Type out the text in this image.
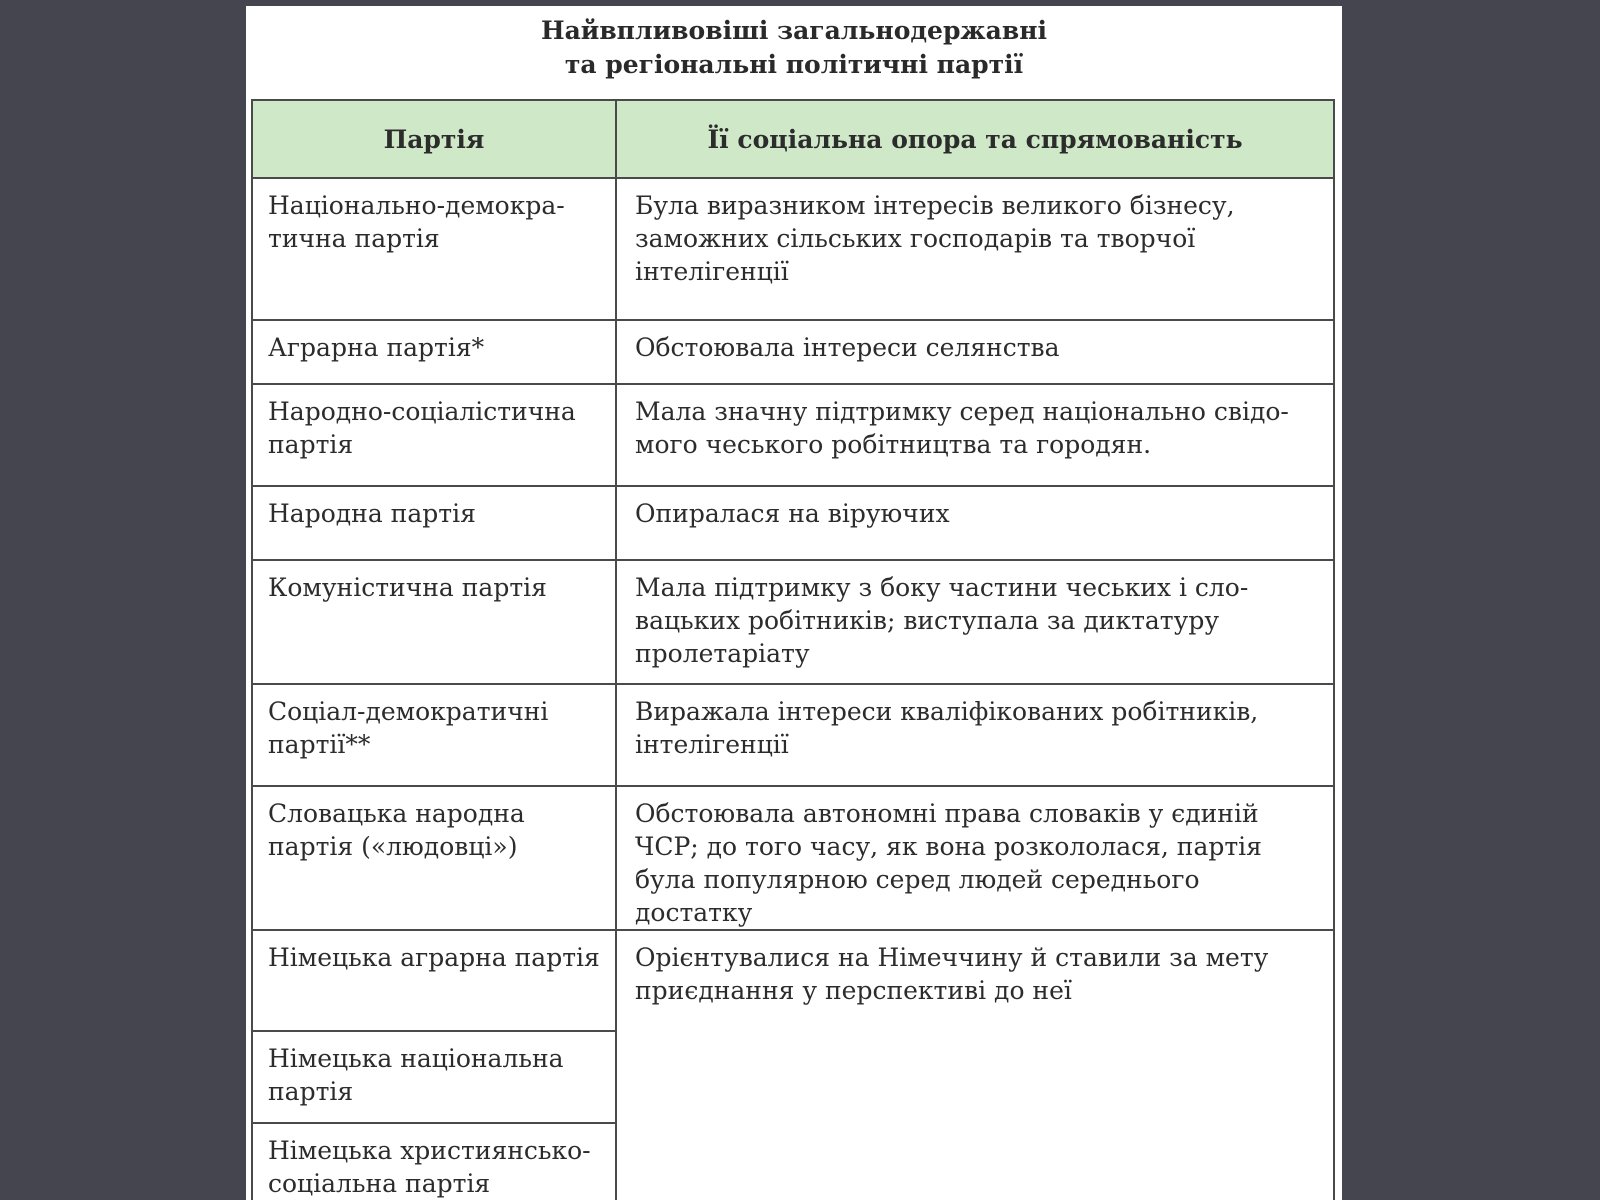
Найвпливовіші загальнодержавні
та регіональні політичні партії
Партія	Її соціальна опора та спрямованість
Національно-демокра-тична партія	Була виразником інтересів великого бізнесу, заможних сільських господарів та творчої інтелігенції
Аграрна партія*	Обстоювала інтереси селянства
Народно-соціалістична партія	Мала значну підтримку серед національно свідо-мого чеського робітництва та городян.
Народна партія	Опиралася на віруючих
Комуністична партія	Мала підтримку з боку частини чеських і сло-вацьких робітників; виступала за диктатуру пролетаріату
Соціал-демократичні партії**	Виражала інтереси кваліфікованих робітників, інтелігенції
Словацька народна партія («людовці»)	Обстоювала автономні права словаків у єдиній ЧСР; до того часу, як вона розкололася, партія була популярною серед людей середнього достатку
Німецька аграрна партія	Орієнтувалися на Німеччину й ставили за мету приєднання у перспективі до неї
Німецька національна партія	
Німецька християнсько-соціальна партія	
